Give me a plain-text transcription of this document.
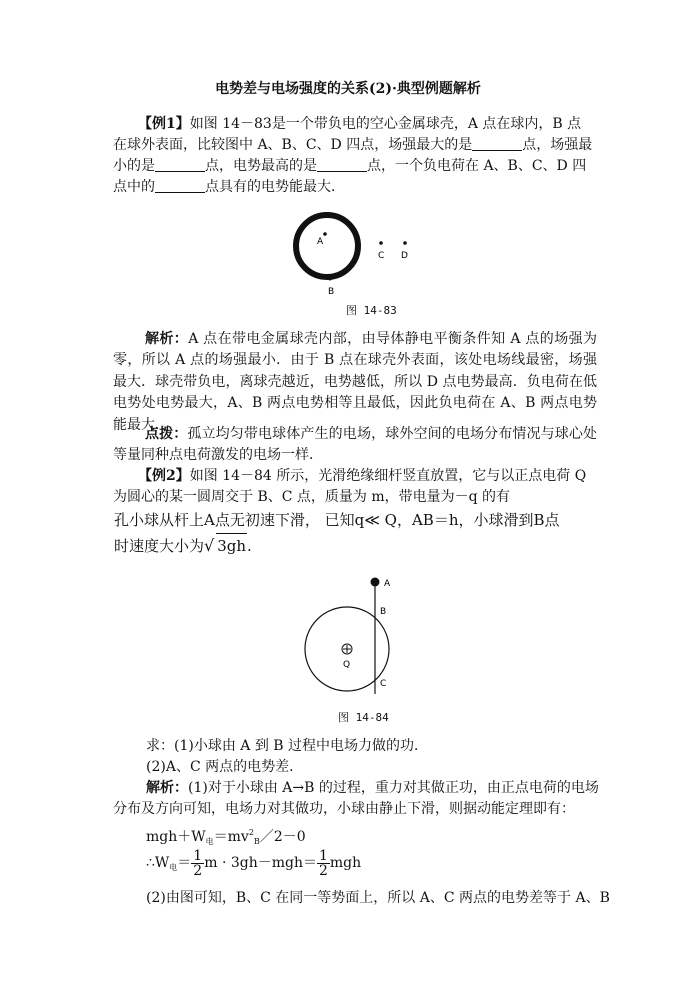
电势差与电场强度的关系(2)·典型例题解析
【例1】如图 14－83是一个带负电的空心金属球壳，A 点在球内，B 点
在球外表面，比较图中 A、B、C、D 四点，场强最大的是	点，场强最
小的是	点，电势最高的是	点，一个负电荷在 A、B、C、D 四
点中的	点具有的电势能最大．
A
C D
B
图 14-83
解析：A 点在带电金属球壳内部，由导体静电平衡条件知 A 点的场强为零，所以 A 点的场强最小．由于 B 点在球壳外表面，该处电场线最密，场强最大．球壳带负电，离球壳越近，电势越低，所以 D 点电势最高．负电荷在低电势处电势最大，A、B 两点电势相等且最低，因此负电荷在 A、B 两点电势能最大．
点拨：孤立均匀带电球体产生的电场，球外空间的电场分布情况与球心处等量同种点电荷激发的电场一样．
【例2】如图 14－84 所示，光滑绝缘细杆竖直放置，它与以正点电荷 Q
为圆心的某一圆周交于 B、C 点，质量为 m，带电量为－q 的有
孔小球从杆上A点无初速下滑， 已知q≪ Q，AB＝h，小球滑到B点
时速度大小为√ 3gh.
A
B
C
Q
图 14-84
求：(1)小球由 A 到 B 过程中电场力做的功．
(2)A、C 两点的电势差．
解析：(1)对于小球由 A→B 的过程，重力对其做正功，由正点电荷的电场
分布及方向可知，电场力对其做功，小球由静止下滑，则据动能定理即有：
$mgh+W_电=mv^2_B/2-0$
$\therefore W_电= \frac{1}{2}$ $m \cdot 3gh-mgh= \frac{1}{2}$ mgh
(2)由图可知，B、C 在同一等势面上，所以 A、C 两点的电势差等于 A、B
